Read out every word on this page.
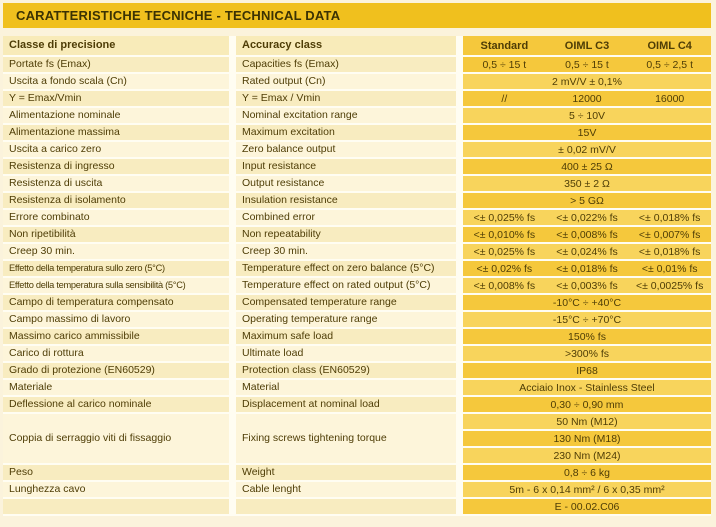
CARATTERISTICHE TECNICHE - TECHNICAL DATA
Classe di precisione	Accuracy class	Standard	OIML C3	OIML C4
Portate fs (Emax)	Capacities fs (Emax)	0,5 ÷ 15 t	0,5 ÷ 15 t	0,5 ÷ 2,5 t
Uscita a fondo scala (Cn)	Rated output (Cn)	2 mV/V ± 0,1%
Y = Emax/Vmin	Y = Emax / Vmin	//	12000	16000
Alimentazione nominale	Nominal excitation range	5 ÷ 10V
Alimentazione massima	Maximum excitation	15V
Uscita a carico zero	Zero balance output	± 0,02 mV/V
Resistenza di ingresso	Input resistance	400 ± 25 Ω
Resistenza di uscita	Output resistance	350 ± 2 Ω
Resistenza di isolamento	Insulation resistance	> 5 GΩ
Errore combinato	Combined error	<± 0,025% fs	<± 0,022% fs	<± 0,018% fs
Non ripetibilità	Non repeatability	<± 0,010% fs	<± 0,008% fs	<± 0,007% fs
Creep 30 min.	Creep 30 min.	<± 0,025% fs	<± 0,024% fs	<± 0,018% fs
Effetto della temperatura sullo zero (5°C)	Temperature effect on zero balance (5°C)	<± 0,02% fs	<± 0,018% fs	<± 0,01% fs
Effetto della temperatura sulla sensibilità (5°C)	Temperature effect on rated output (5°C)	<± 0,008% fs	<± 0,003% fs	<± 0,0025% fs
Campo di temperatura compensato	Compensated temperature range	-10°C ÷ +40°C
Campo massimo di lavoro	Operating temperature range	-15°C ÷ +70°C
Massimo carico ammissibile	Maximum safe load	150% fs
Carico di rottura	Ultimate load	>300% fs
Grado di protezione (EN60529)	Protection class (EN60529)	IP68
Materiale	Material	Acciaio Inox - Stainless Steel
Deflessione al carico nominale	Displacement at nominal load	0,30 ÷ 0,90 mm
Coppia di serraggio viti di fissaggio	Fixing screws tightening torque
50 Nm (M12)
130 Nm (M18)
230 Nm (M24)
Peso	Weight	0,8 ÷ 6 kg
Lunghezza cavo	Cable lenght	5m - 6 x 0,14 mm² / 6 x 0,35 mm²
E - 00.02.C06
